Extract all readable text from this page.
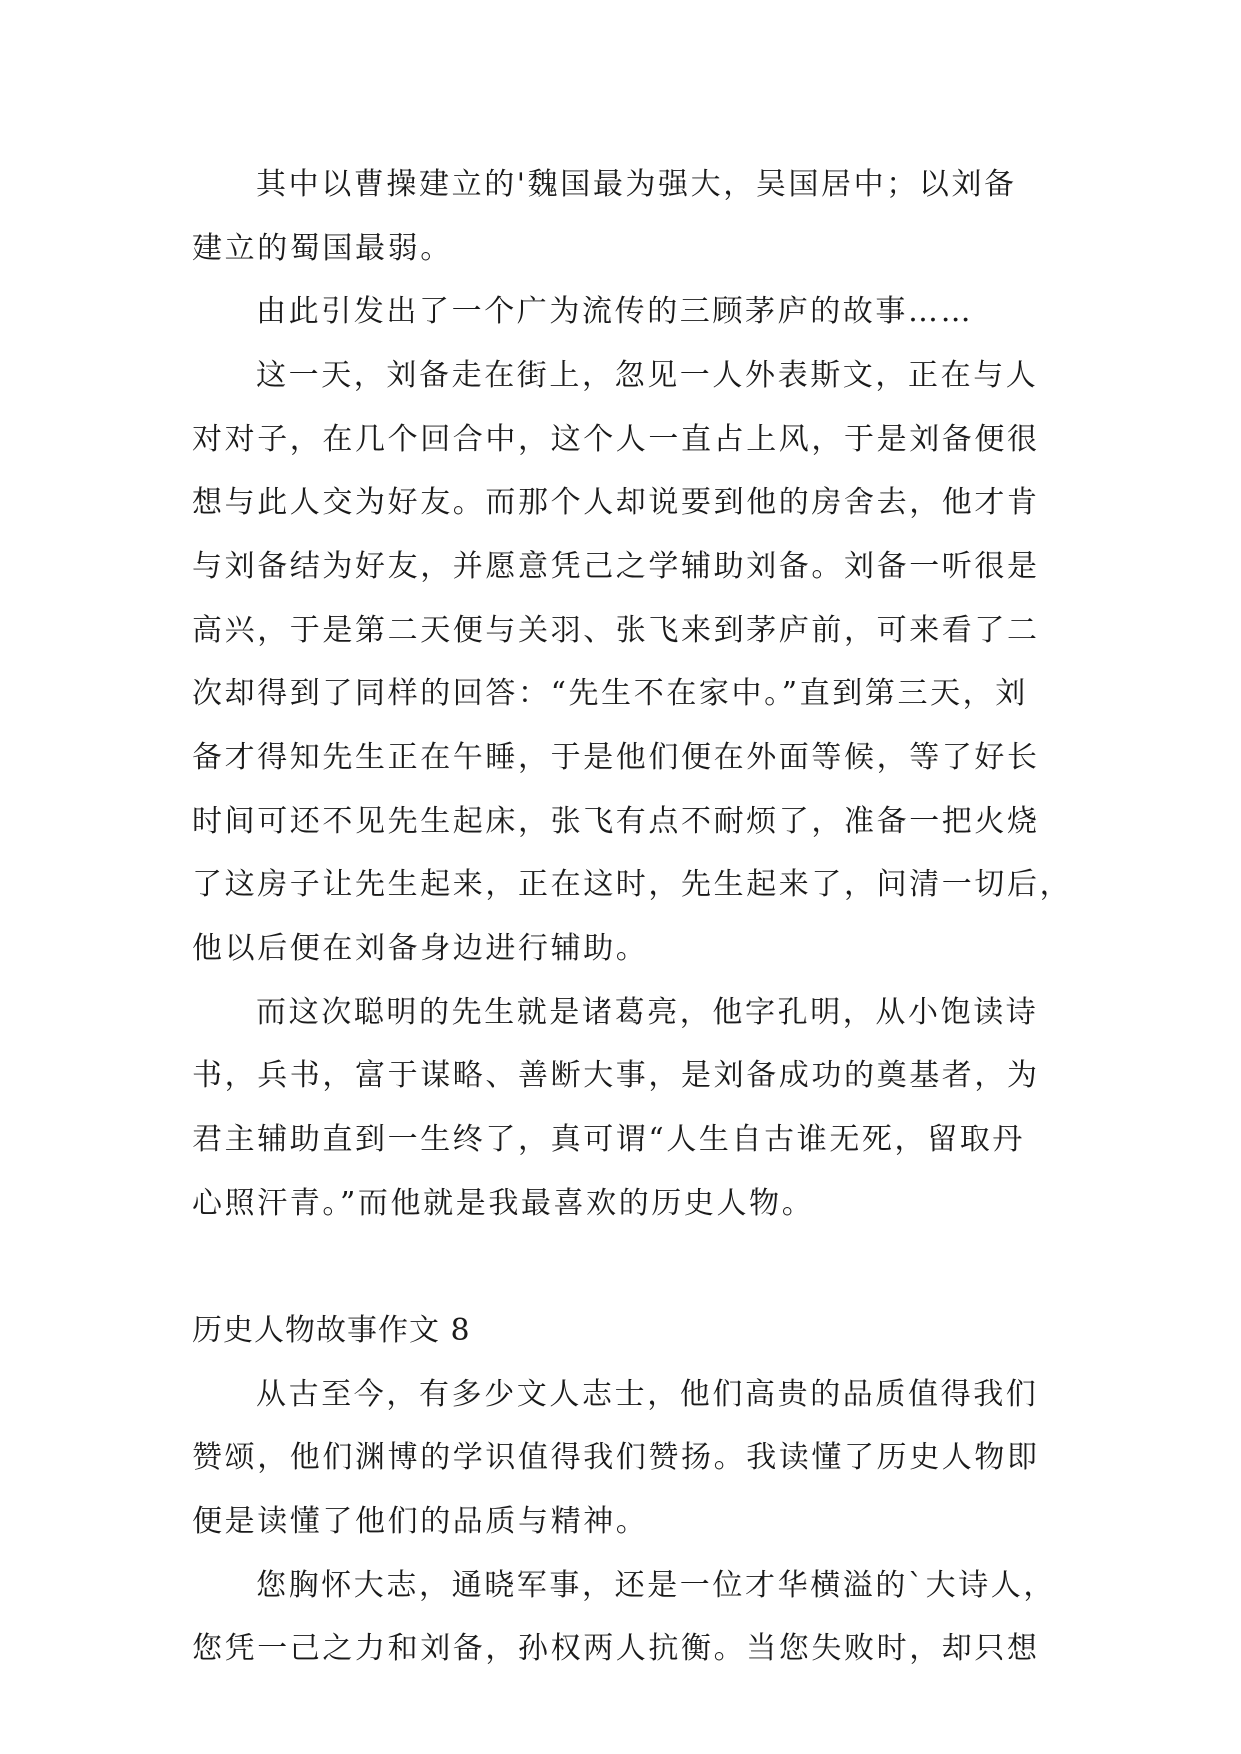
其中以曹操建立的'魏国最为强大，吴国居中；以刘备
建立的蜀国最弱。
由此引发出了一个广为流传的三顾茅庐的故事……
这一天，刘备走在街上，忽见一人外表斯文，正在与人
对对子，在几个回合中，这个人一直占上风，于是刘备便很
想与此人交为好友。而那个人却说要到他的房舍去，他才肯
与刘备结为好友，并愿意凭己之学辅助刘备。刘备一听很是
高兴，于是第二天便与关羽、张飞来到茅庐前，可来看了二
次却得到了同样的回答：“先生不在家中。”直到第三天，刘
备才得知先生正在午睡，于是他们便在外面等候，等了好长
时间可还不见先生起床，张飞有点不耐烦了，准备一把火烧
了这房子让先生起来，正在这时，先生起来了，问清一切后，
他以后便在刘备身边进行辅助。
而这次聪明的先生就是诸葛亮，他字孔明，从小饱读诗
书，兵书，富于谋略、善断大事，是刘备成功的奠基者，为
君主辅助直到一生终了，真可谓“人生自古谁无死，留取丹
心照汗青。”而他就是我最喜欢的历史人物。
历史人物故事作文 8
从古至今，有多少文人志士，他们高贵的品质值得我们
赞颂，他们渊博的学识值得我们赞扬。我读懂了历史人物即
便是读懂了他们的品质与精神。
您胸怀大志，通晓军事，还是一位才华横溢的`大诗人，
您凭一己之力和刘备，孙权两人抗衡。当您失败时，却只想
